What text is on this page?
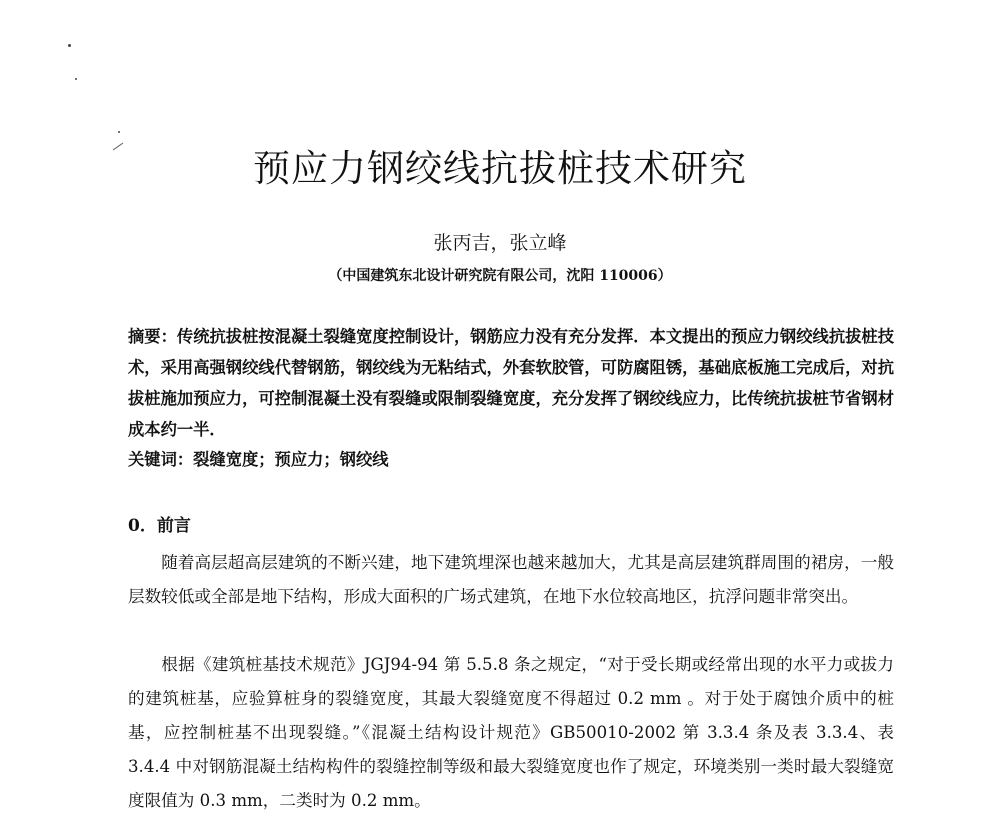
预应力钢绞线抗拔桩技术研究
张丙吉，张立峰
（中国建筑东北设计研究院有限公司，沈阳 110006）
摘要：传统抗拔桩按混凝土裂缝宽度控制设计，钢筋应力没有充分发挥．本文提出的预应力钢绞线抗拔桩技术，采用高强钢绞线代替钢筋，钢绞线为无粘结式，外套软胶管，可防腐阻锈，基础底板施工完成后，对抗拔桩施加预应力，可控制混凝土没有裂缝或限制裂缝宽度，充分发挥了钢绞线应力，比传统抗拔桩节省钢材成本约一半．
关键词：裂缝宽度；预应力；钢绞线
0．前言
随着高层超高层建筑的不断兴建，地下建筑埋深也越来越加大，尤其是高层建筑群周围的裙房，一般层数较低或全部是地下结构，形成大面积的广场式建筑，在地下水位较高地区，抗浮问题非常突出。
根据《建筑桩基技术规范》JGJ94-94 第 5.5.8 条之规定，“对于受长期或经常出现的水平力或拔力的建筑桩基，应验算桩身的裂缝宽度，其最大裂缝宽度不得超过 0.2 mm 。对于处于腐蚀介质中的桩基，应控制桩基不出现裂缝。”《混凝土结构设计规范》GB50010-2002 第 3.3.4 条及表 3.3.4、表 3.4.4 中对钢筋混凝土结构构件的裂缝控制等级和最大裂缝宽度也作了规定，环境类别一类时最大裂缝宽度限值为 0.3 mm，二类时为 0.2 mm。
